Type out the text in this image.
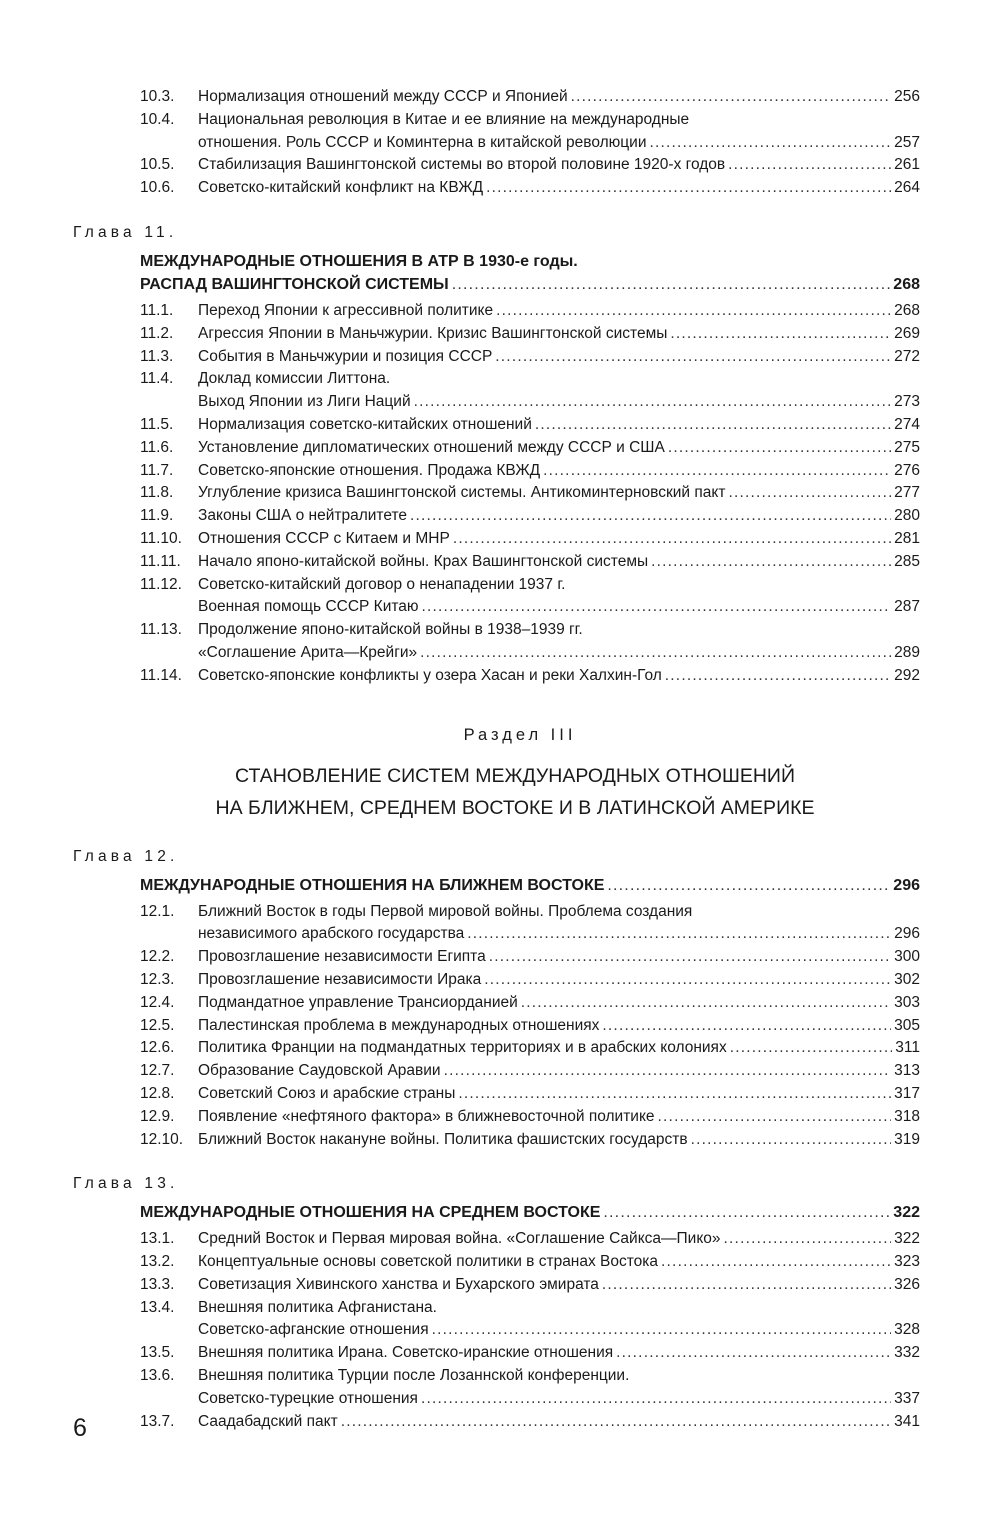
10.3.	Нормализация отношений между СССР и Японией .....	256
10.4.	Национальная революция в Китае и ее влияние на международные
отношения. Роль СССР и Коминтерна в китайской революции .....	257
10.5.	Стабилизация Вашингтонской системы во второй половине 1920-х годов .....	261
10.6.	Советско-китайский конфликт на КВЖД .....	264
Глава 11.
МЕЖДУНАРОДНЫЕ ОТНОШЕНИЯ В АТР В 1930-е годы.
РАСПАД ВАШИНГТОНСКОЙ СИСТЕМЫ .....	268
11.1.	Переход Японии к агрессивной политике .....	268
11.2.	Агрессия Японии в Маньчжурии. Кризис Вашингтонской системы .....	269
11.3.	События в Маньчжурии и позиция СССР .....	272
11.4.	Доклад комиссии Литтона.
Выход Японии из Лиги Наций .....	273
11.5.	Нормализация советско-китайских отношений .....	274
11.6.	Установление дипломатических отношений между СССР и США .....	275
11.7.	Советско-японские отношения. Продажа КВЖД .....	276
11.8.	Углубление кризиса Вашингтонской системы. Антикоминтерновский пакт .....	277
11.9.	Законы США о нейтралитете .....	280
11.10.	Отношения СССР с Китаем и МНР .....	281
11.11.	Начало японо-китайской войны. Крах Вашингтонской системы .....	285
11.12.	Советско-китайский договор о ненападении 1937 г.
Военная помощь СССР Китаю .....	287
11.13.	Продолжение японо-китайской войны в 1938–1939 гг.
«Соглашение Арита—Крейги» .....	289
11.14.	Советско-японские конфликты у озера Хасан и реки Халхин-Гол .....	292
Раздел III
СТАНОВЛЕНИЕ СИСТЕМ МЕЖДУНАРОДНЫХ ОТНОШЕНИЙ
НА БЛИЖНЕМ, СРЕДНЕМ ВОСТОКЕ И В ЛАТИНСКОЙ АМЕРИКЕ
Глава 12.
МЕЖДУНАРОДНЫЕ ОТНОШЕНИЯ НА БЛИЖНЕМ ВОСТОКЕ .....	296
12.1.	Ближний Восток в годы Первой мировой войны. Проблема создания
независимого арабского государства .....	296
12.2.	Провозглашение независимости Египта .....	300
12.3.	Провозглашение независимости Ирака .....	302
12.4.	Подмандатное управление Трансиорданией .....	303
12.5.	Палестинская проблема в международных отношениях .....	305
12.6.	Политика Франции на подмандатных территориях и в арабских колониях .....	311
12.7.	Образование Саудовской Аравии .....	313
12.8.	Советский Союз и арабские страны .....	317
12.9.	Появление «нефтяного фактора» в ближневосточной политике .....	318
12.10. Ближний Восток накануне войны. Политика фашистских государств .....	319
Глава 13.
МЕЖДУНАРОДНЫЕ ОТНОШЕНИЯ НА СРЕДНЕМ ВОСТОКЕ .....	322
13.1.	Средний Восток и Первая мировая война. «Соглашение Сайкса—Пико» .....	322
13.2.	Концептуальные основы советской политики в странах Востока .....	323
13.3.	Советизация Хивинского ханства и Бухарского эмирата .....	326
13.4.	Внешняя политика Афганистана.
Советско-афганские отношения .....	328
13.5.	Внешняя политика Ирана. Советско-иранские отношения .....	332
13.6.	Внешняя политика Турции после Лозаннской конференции.
Советско-турецкие отношения .....	337
13.7.	Саадабадский пакт .....	341
6
